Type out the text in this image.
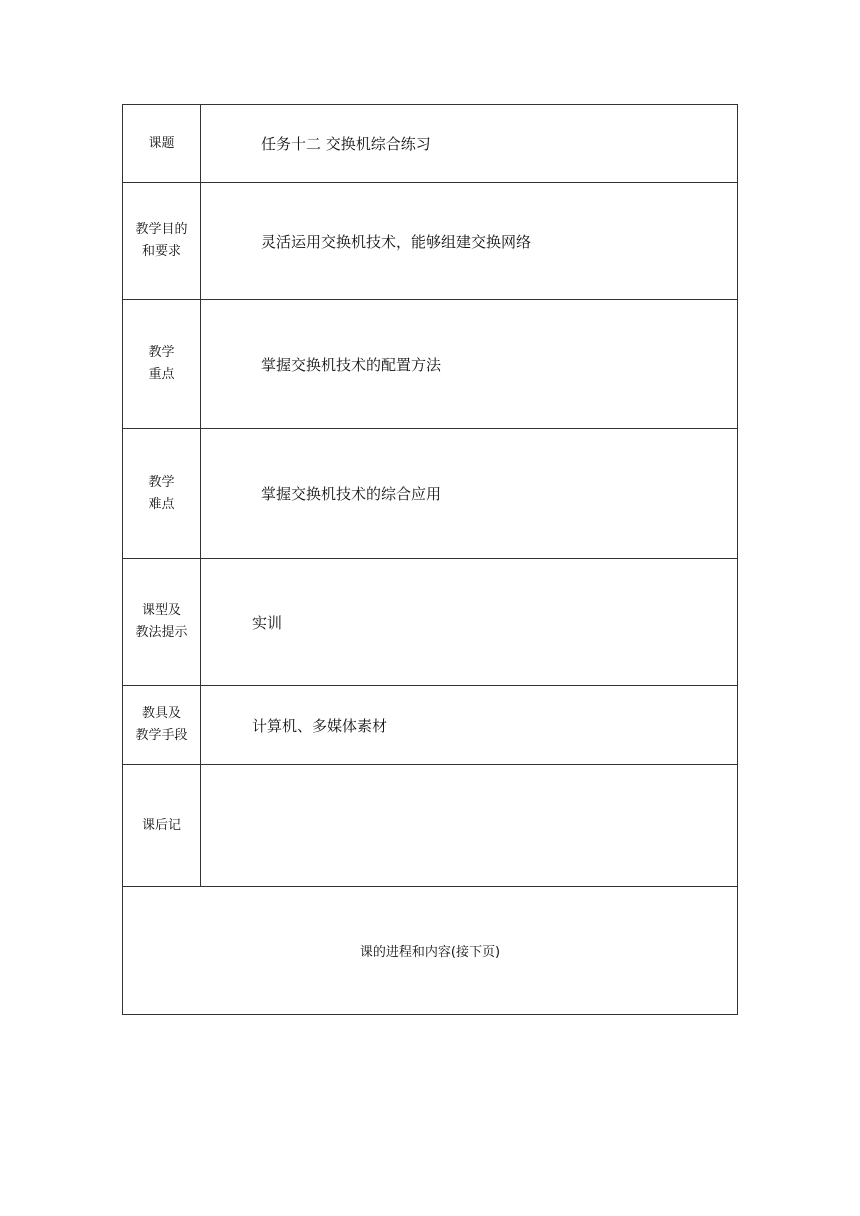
课题	任务十二 交换机综合练习

教学目的
和要求	灵活运用交换机技术，能够组建交换网络

教学
重点	掌握交换机技术的配置方法

教学
难点	掌握交换机技术的综合应用

课型及
教法提示	实训

教具及
教学手段	计算机、多媒体素材

课后记	

课的进程和内容(接下页)	
